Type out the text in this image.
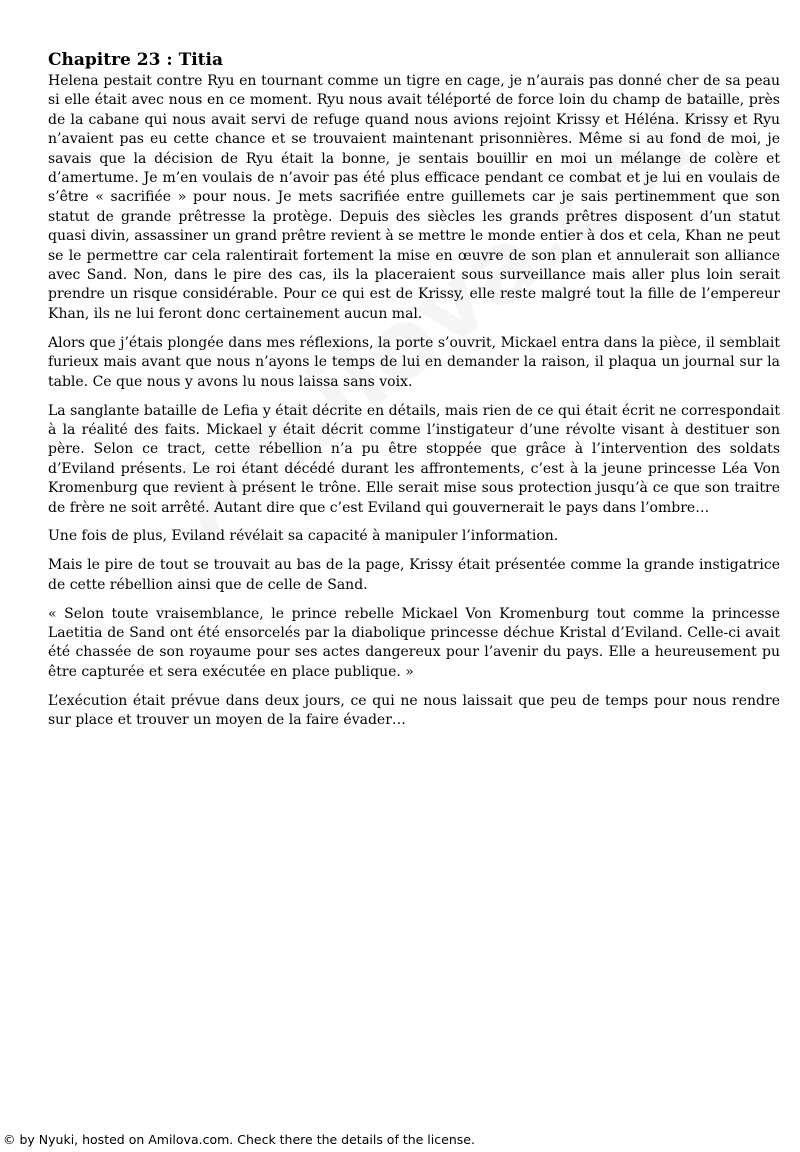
Chapitre 23 : Titia

Helena pestait contre Ryu en tournant comme un tigre en cage, je n’aurais pas donné cher de sa peau si elle était avec nous en ce moment. Ryu nous avait téléporté de force loin du champ de bataille, près de la cabane qui nous avait servi de refuge quand nous avions rejoint Krissy et Héléna. Krissy et Ryu n’avaient pas eu cette chance et se trouvaient maintenant prisonnières. Même si au fond de moi, je savais que la décision de Ryu était la bonne, je sentais bouillir en moi un mélange de colère et d’amertume. Je m’en voulais de n’avoir pas été plus efficace pendant ce combat et je lui en voulais de s’être « sacrifiée » pour nous. Je mets sacrifiée entre guillemets car je sais pertinemment que son statut de grande prêtresse la protège. Depuis des siècles les grands prêtres disposent d’un statut quasi divin, assassiner un grand prêtre revient à se mettre le monde entier à dos et cela, Khan ne peut se le permettre car cela ralentirait fortement la mise en œuvre de son plan et annulerait son alliance avec Sand. Non, dans le pire des cas, ils la placeraient sous surveillance mais aller plus loin serait prendre un risque considérable. Pour ce qui est de Krissy, elle reste malgré tout la fille de l’empereur Khan, ils ne lui feront donc certainement aucun mal.

Alors que j’étais plongée dans mes réflexions, la porte s’ouvrit, Mickael entra dans la pièce, il semblait furieux mais avant que nous n’ayons le temps de lui en demander la raison, il plaqua un journal sur la table. Ce que nous y avons lu nous laissa sans voix.

La sanglante bataille de Lefia y était décrite en détails, mais rien de ce qui était écrit ne correspondait à la réalité des faits. Mickael y était décrit comme l’instigateur d’une révolte visant à destituer son père. Selon ce tract, cette rébellion n’a pu être stoppée que grâce à l’intervention des soldats d’Eviland présents. Le roi étant décédé durant les affrontements, c’est à la jeune princesse Léa Von Kromenburg que revient à présent le trône. Elle serait mise sous protection jusqu’à ce que son traitre de frère ne soit arrêté. Autant dire que c’est Eviland qui gouvernerait le pays dans l’ombre…

Une fois de plus, Eviland révélait sa capacité à manipuler l’information.

Mais le pire de tout se trouvait au bas de la page, Krissy était présentée comme la grande instigatrice de cette rébellion ainsi que de celle de Sand.

« Selon toute vraisemblance, le prince rebelle Mickael Von Kromenburg tout comme la princesse Laetitia de Sand ont été ensorcelés par la diabolique princesse déchue Kristal d’Eviland. Celle-ci avait été chassée de son royaume pour ses actes dangereux pour l’avenir du pays. Elle a heureusement pu être capturée et sera exécutée en place publique. »

L’exécution était prévue dans deux jours, ce qui ne nous laissait que peu de temps pour nous rendre sur place et trouver un moyen de la faire évader…

© by Nyuki, hosted on Amilova.com. Check there the details of the license.
